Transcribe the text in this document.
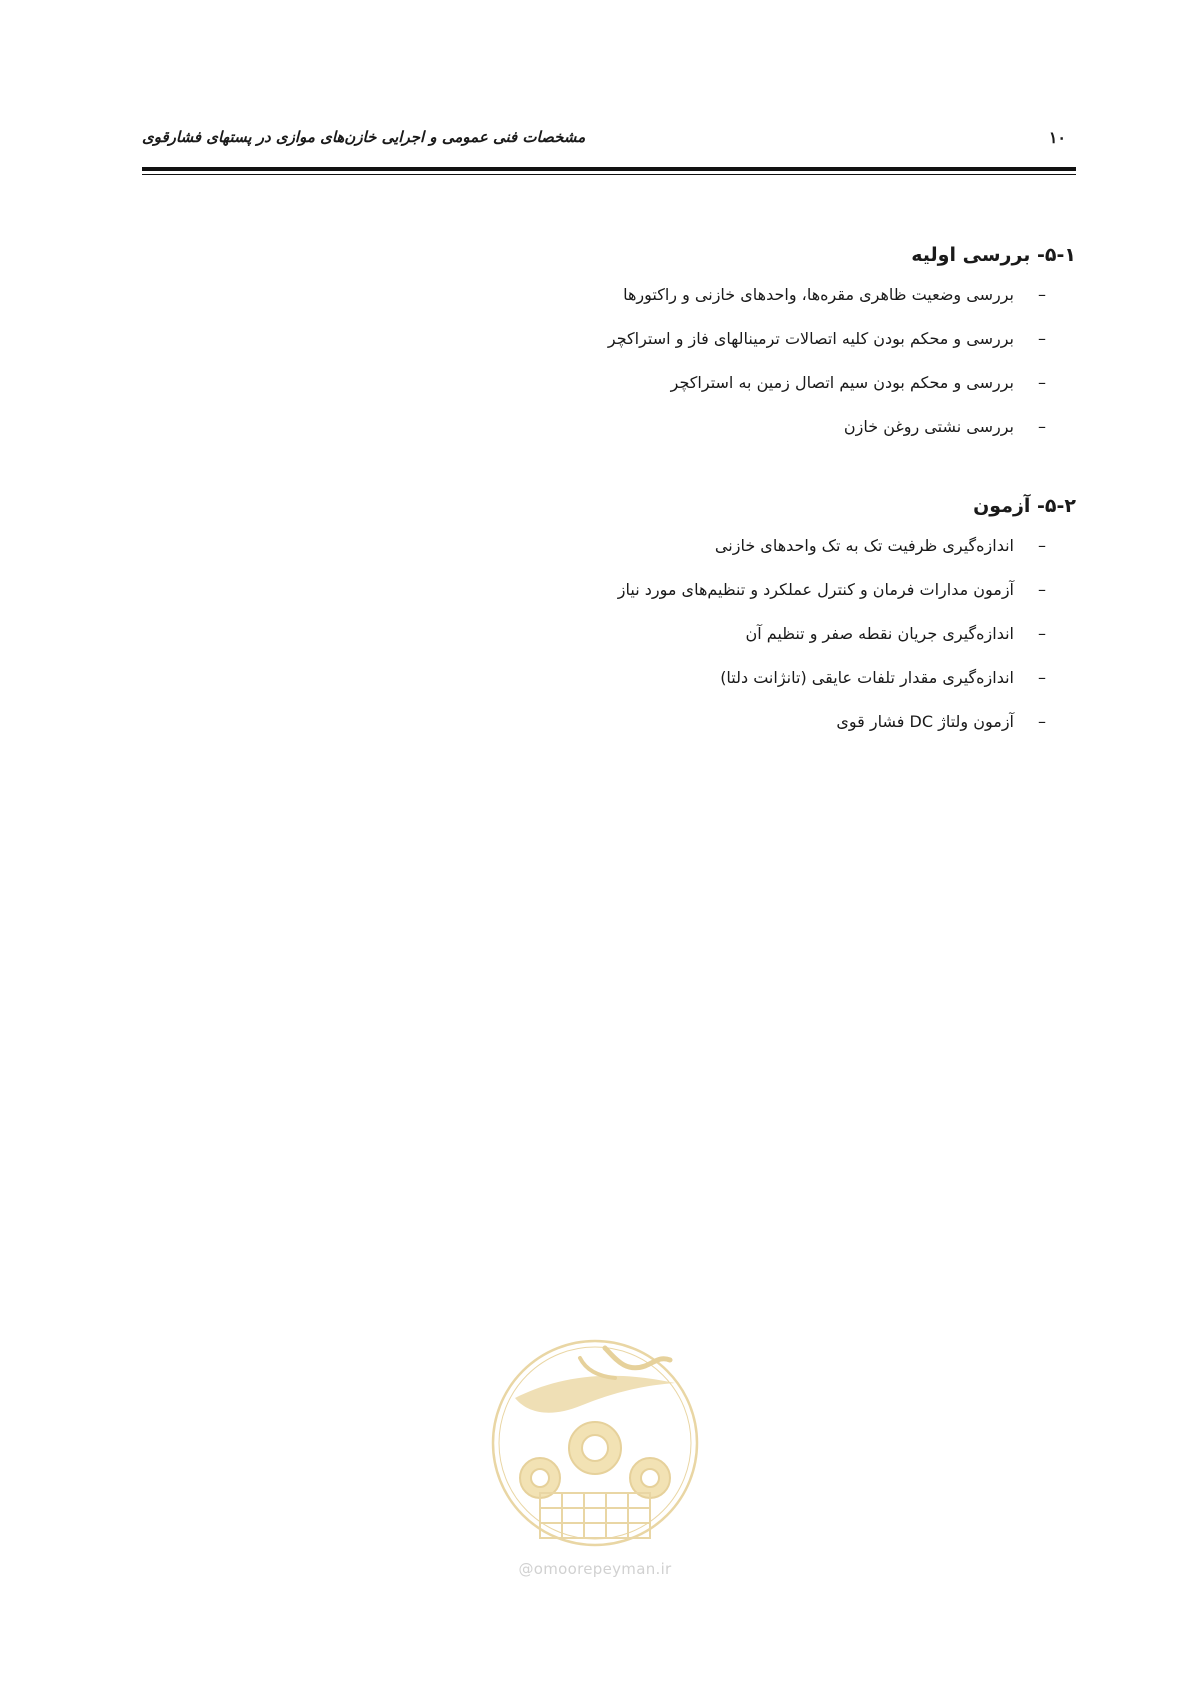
مشخصات فنی عمومی و اجرایی خازن‌های موازی در پستهای فشارقوی	۱۰
۵-۱- بررسی اولیه
–
بررسی وضعیت ظاهری مقره‌ها، واحدهای خازنی و راکتورها
–
بررسی و محکم بودن کلیه اتصالات ترمینالهای فاز و استراکچر
–
بررسی و محکم بودن سیم اتصال زمین به استراکچر
–
بررسی نشتی روغن خازن
۵-۲- آزمون
–
اندازه‌گیری ظرفیت تک به تک واحدهای خازنی
–
آزمون مدارات فرمان و کنترل عملکرد و تنظیم‌های مورد نیاز
–
اندازه‌گیری جریان نقطه صفر و تنظیم آن
–
اندازه‌گیری مقدار تلفات عایقی (تانژانت دلتا)
–
آزمون ولتاژ DC فشار قوی
@omoorepeyman.ir
